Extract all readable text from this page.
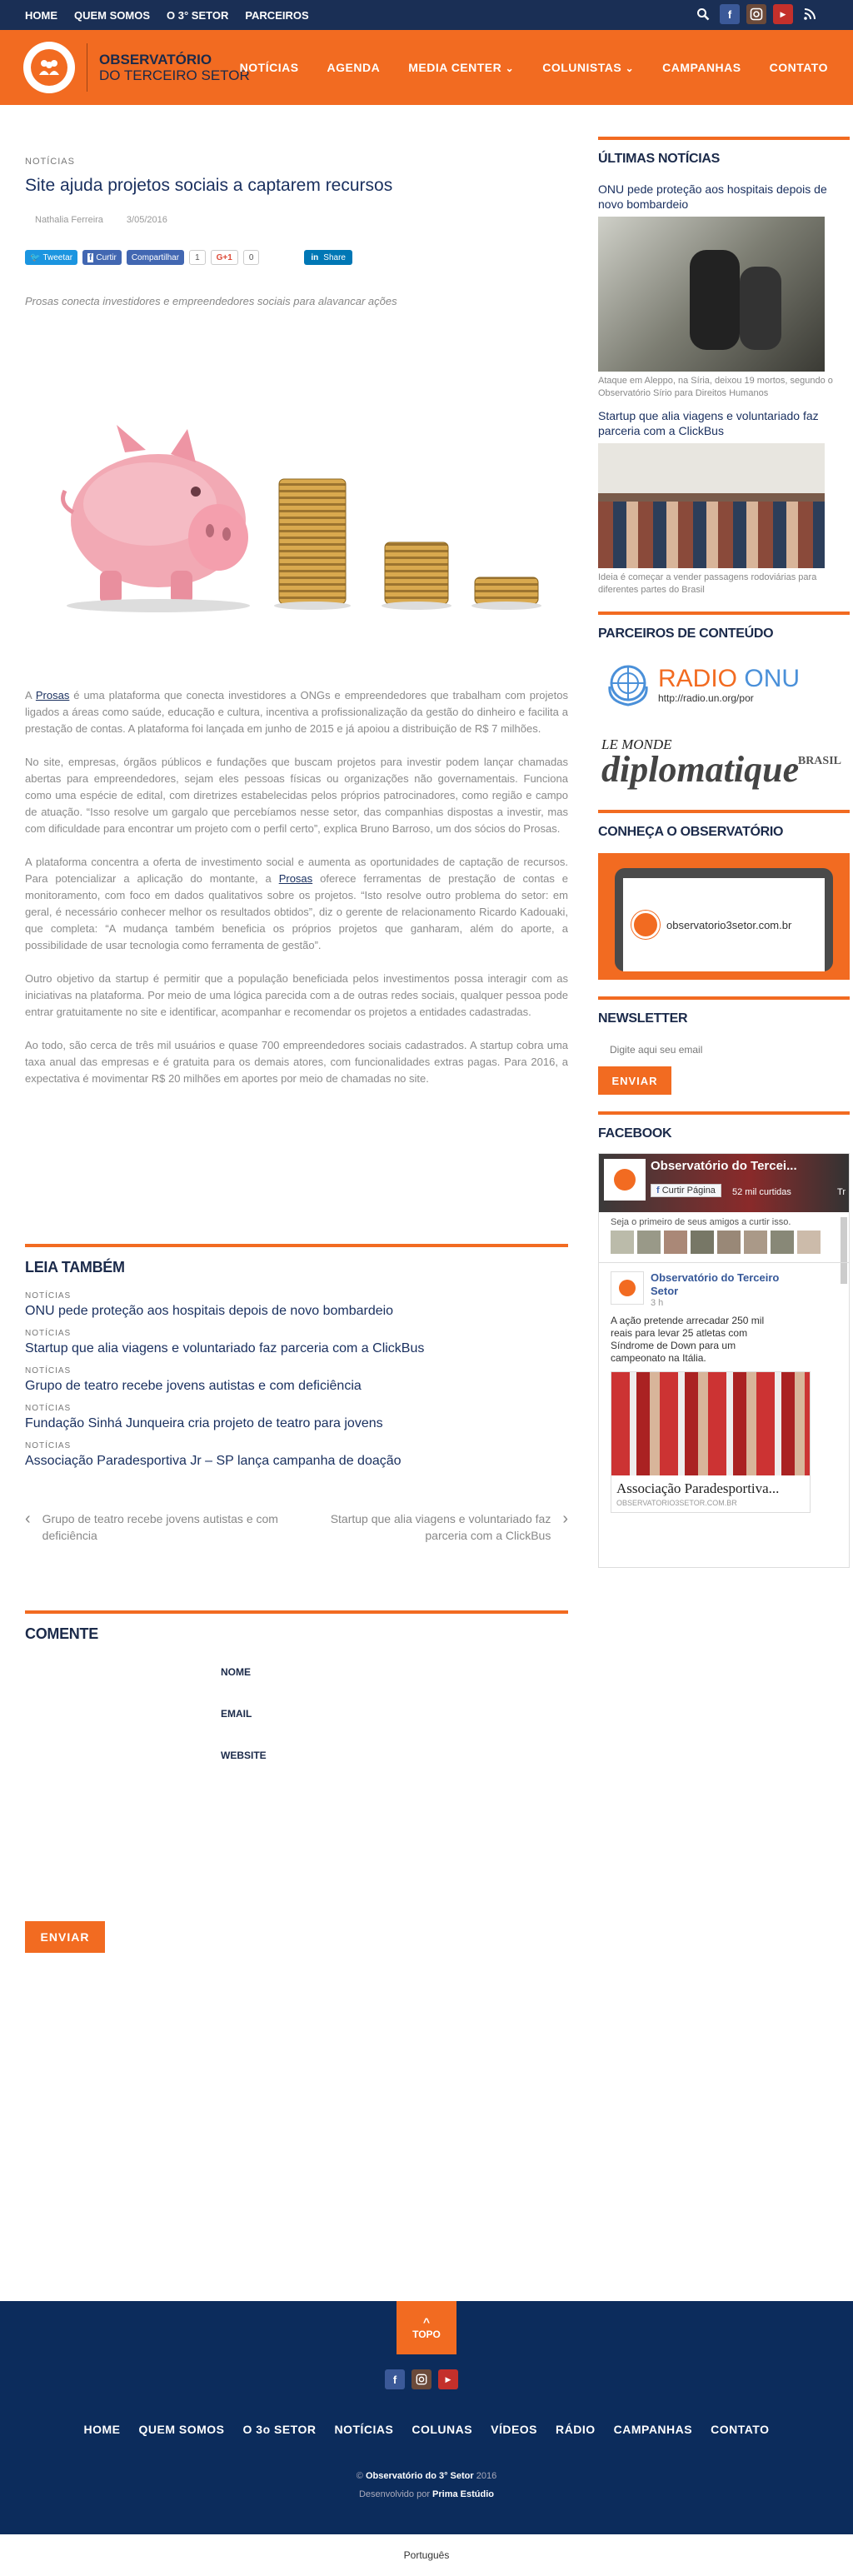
HOME QUEM SOMOS O 3° SETOR PARCEIROS	f	▶
OBSERVATÓRIO
DO TERCEIRO SETOR
NOTÍCIAS AGENDA MEDIA CENTER ⌄ COLUNISTAS ⌄ CAMPANHAS CONTATO
NOTÍCIAS
Site ajuda projetos sociais a captarem recursos
Nathalia Ferreira	3/05/2016
🐦 Tweetar f Curtir	Compartilhar	1	G+1	0	in Share

Prosas conecta investidores e empreendedores sociais para alavancar ações

A Prosas é uma plataforma que conecta investidores a ONGs e empreendedores que trabalham com projetos ligados a áreas como saúde, educação e cultura, incentiva a profissionalização da gestão do dinheiro e facilita a prestação de contas. A plataforma foi lançada em junho de 2015 e já apoiou a distribuição de R$ 7 milhões.

No site, empresas, órgãos públicos e fundações que buscam projetos para investir podem lançar chamadas abertas para empreendedores, sejam eles pessoas físicas ou organizações não governamentais. Funciona como uma espécie de edital, com diretrizes estabelecidas pelos próprios patrocinadores, como região e campo de atuação. “Isso resolve um gargalo que percebíamos nesse setor, das companhias dispostas a investir, mas com dificuldade para encontrar um projeto com o perfil certo”, explica Bruno Barroso, um dos sócios do Prosas.

A plataforma concentra a oferta de investimento social e aumenta as oportunidades de captação de recursos. Para potencializar a aplicação do montante, a Prosas oferece ferramentas de prestação de contas e monitoramento, com foco em dados qualitativos sobre os projetos. “Isto resolve outro problema do setor: em geral, é necessário conhecer melhor os resultados obtidos”, diz o gerente de relacionamento Ricardo Kadouaki, que completa: “A mudança também beneficia os próprios projetos que ganharam, além do aporte, a possibilidade de usar tecnologia como ferramenta de gestão”.

Outro objetivo da startup é permitir que a população beneficiada pelos investimentos possa interagir com as iniciativas na plataforma. Por meio de uma lógica parecida com a de outras redes sociais, qualquer pessoa pode entrar gratuitamente no site e identificar, acompanhar e recomendar os projetos a entidades cadastradas.

Ao todo, são cerca de três mil usuários e quase 700 empreendedores sociais cadastrados. A startup cobra uma taxa anual das empresas e é gratuita para os demais atores, com funcionalidades extras pagas. Para 2016, a expectativa é movimentar R$ 20 milhões em aportes por meio de chamadas no site.

LEIA TAMBÉM
NOTÍCIAS
ONU pede proteção aos hospitais depois de novo bombardeio
NOTÍCIAS
Startup que alia viagens e voluntariado faz parceria com a ClickBus
NOTÍCIAS
Grupo de teatro recebe jovens autistas e com deficiência
NOTÍCIAS
Fundação Sinhá Junqueira cria projeto de teatro para jovens
NOTÍCIAS
Associação Paradesportiva Jr – SP lança campanha de doação
‹ Grupo de teatro recebe jovens autistas e com deficiência
Startup que alia viagens e voluntariado faz parceria com a ClickBus
›
COMENTE
NOME
EMAIL
WEBSITE
ENVIAR
ÚLTIMAS NOTÍCIAS
ONU pede proteção aos hospitais depois de novo bombardeio
Ataque em Aleppo, na Síria, deixou 19 mortos, segundo o Observatório Sírio para Direitos Humanos
Startup que alia viagens e voluntariado faz parceria com a ClickBus
Ideia é começar a vender passagens rodoviárias para diferentes partes do Brasil
PARCEIROS DE CONTEÚDO
RADIO ONU
http://radio.un.org/por
LE MONDE
diplomatique
BRASIL
CONHEÇA O OBSERVATÓRIO
observatorio3setor.com.br
NEWSLETTER
Digite aqui seu email
ENVIAR
FACEBOOK
Observatório do Tercei...
f Curtir Página	52 mil curtidas	Tr
Seja o primeiro de seus amigos a curtir isso.
Observatório do Terceiro Setor
3 h
A ação pretende arrecadar 250 mil reais para levar 25 atletas com Síndrome de Down para um campeonato na Itália.
Associação Paradesportiva...
OBSERVATORIO3SETOR.COM.BR
^
TOPO
f	▶
HOME QUEM SOMOS O 3o SETOR NOTÍCIAS COLUNAS VÍDEOS RÁDIO CAMPANHAS CONTATO
© Observatório do 3° Setor 2016
Desenvolvido por Prima Estúdio
Português
